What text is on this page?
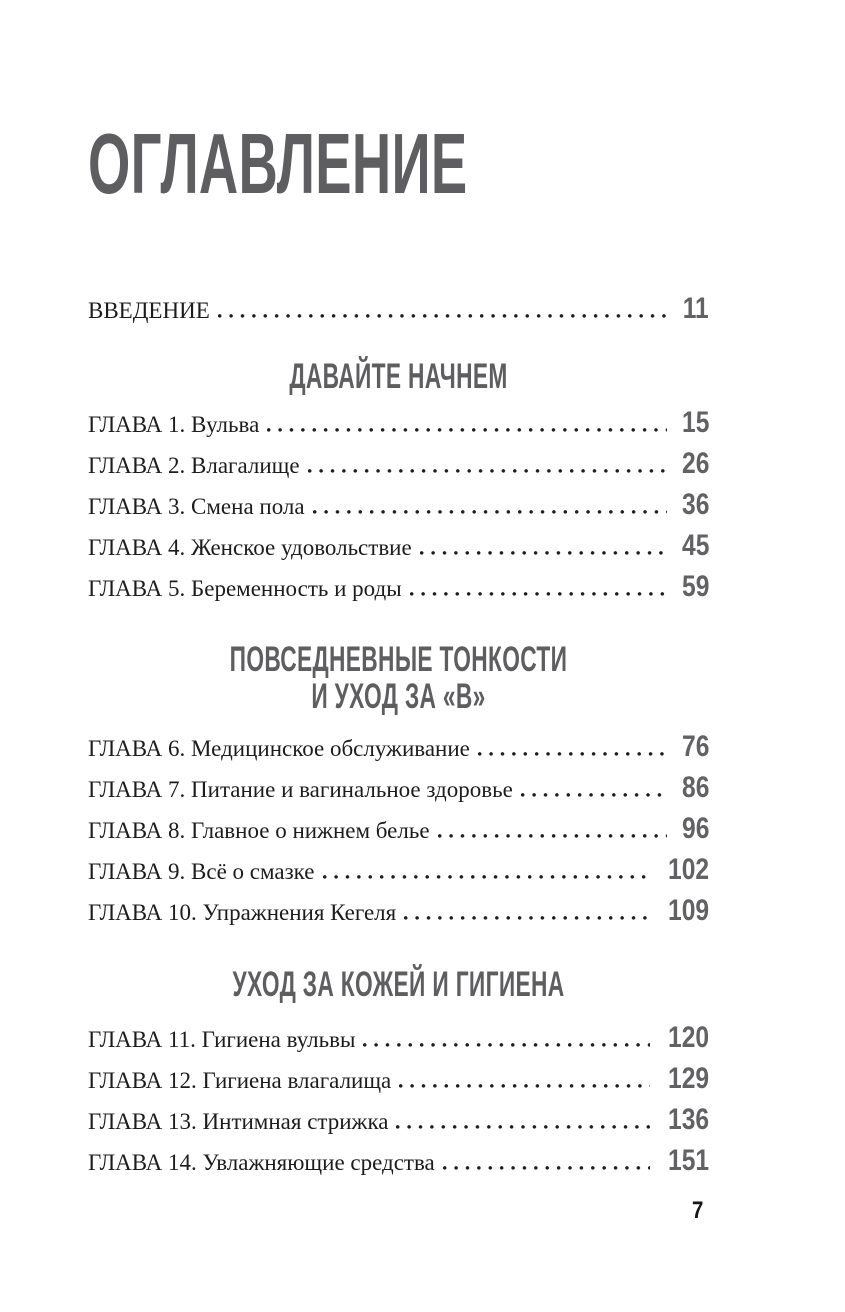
ОГЛАВЛЕНИЕ
ВВЕДЕНИЕ	11
ДАВАЙТЕ НАЧНЕМ
ГЛАВА 1. Вульва	15
ГЛАВА 2. Влагалище	26
ГЛАВА 3. Смена пола	36
ГЛАВА 4. Женское удовольствие	45
ГЛАВА 5. Беременность и роды	59
ПОВСЕДНЕВНЫЕ ТОНКОСТИ
И УХОД ЗА «В»
ГЛАВА 6. Медицинское обслуживание	76
ГЛАВА 7. Питание и вагинальное здоровье	86
ГЛАВА 8. Главное о нижнем белье	96
ГЛАВА 9. Всё о смазке	102
ГЛАВА 10. Упражнения Кегеля	109
УХОД ЗА КОЖЕЙ И ГИГИЕНА
ГЛАВА 11. Гигиена вульвы	120
ГЛАВА 12. Гигиена влагалища	129
ГЛАВА 13. Интимная стрижка	136
ГЛАВА 14. Увлажняющие средства	151
7
